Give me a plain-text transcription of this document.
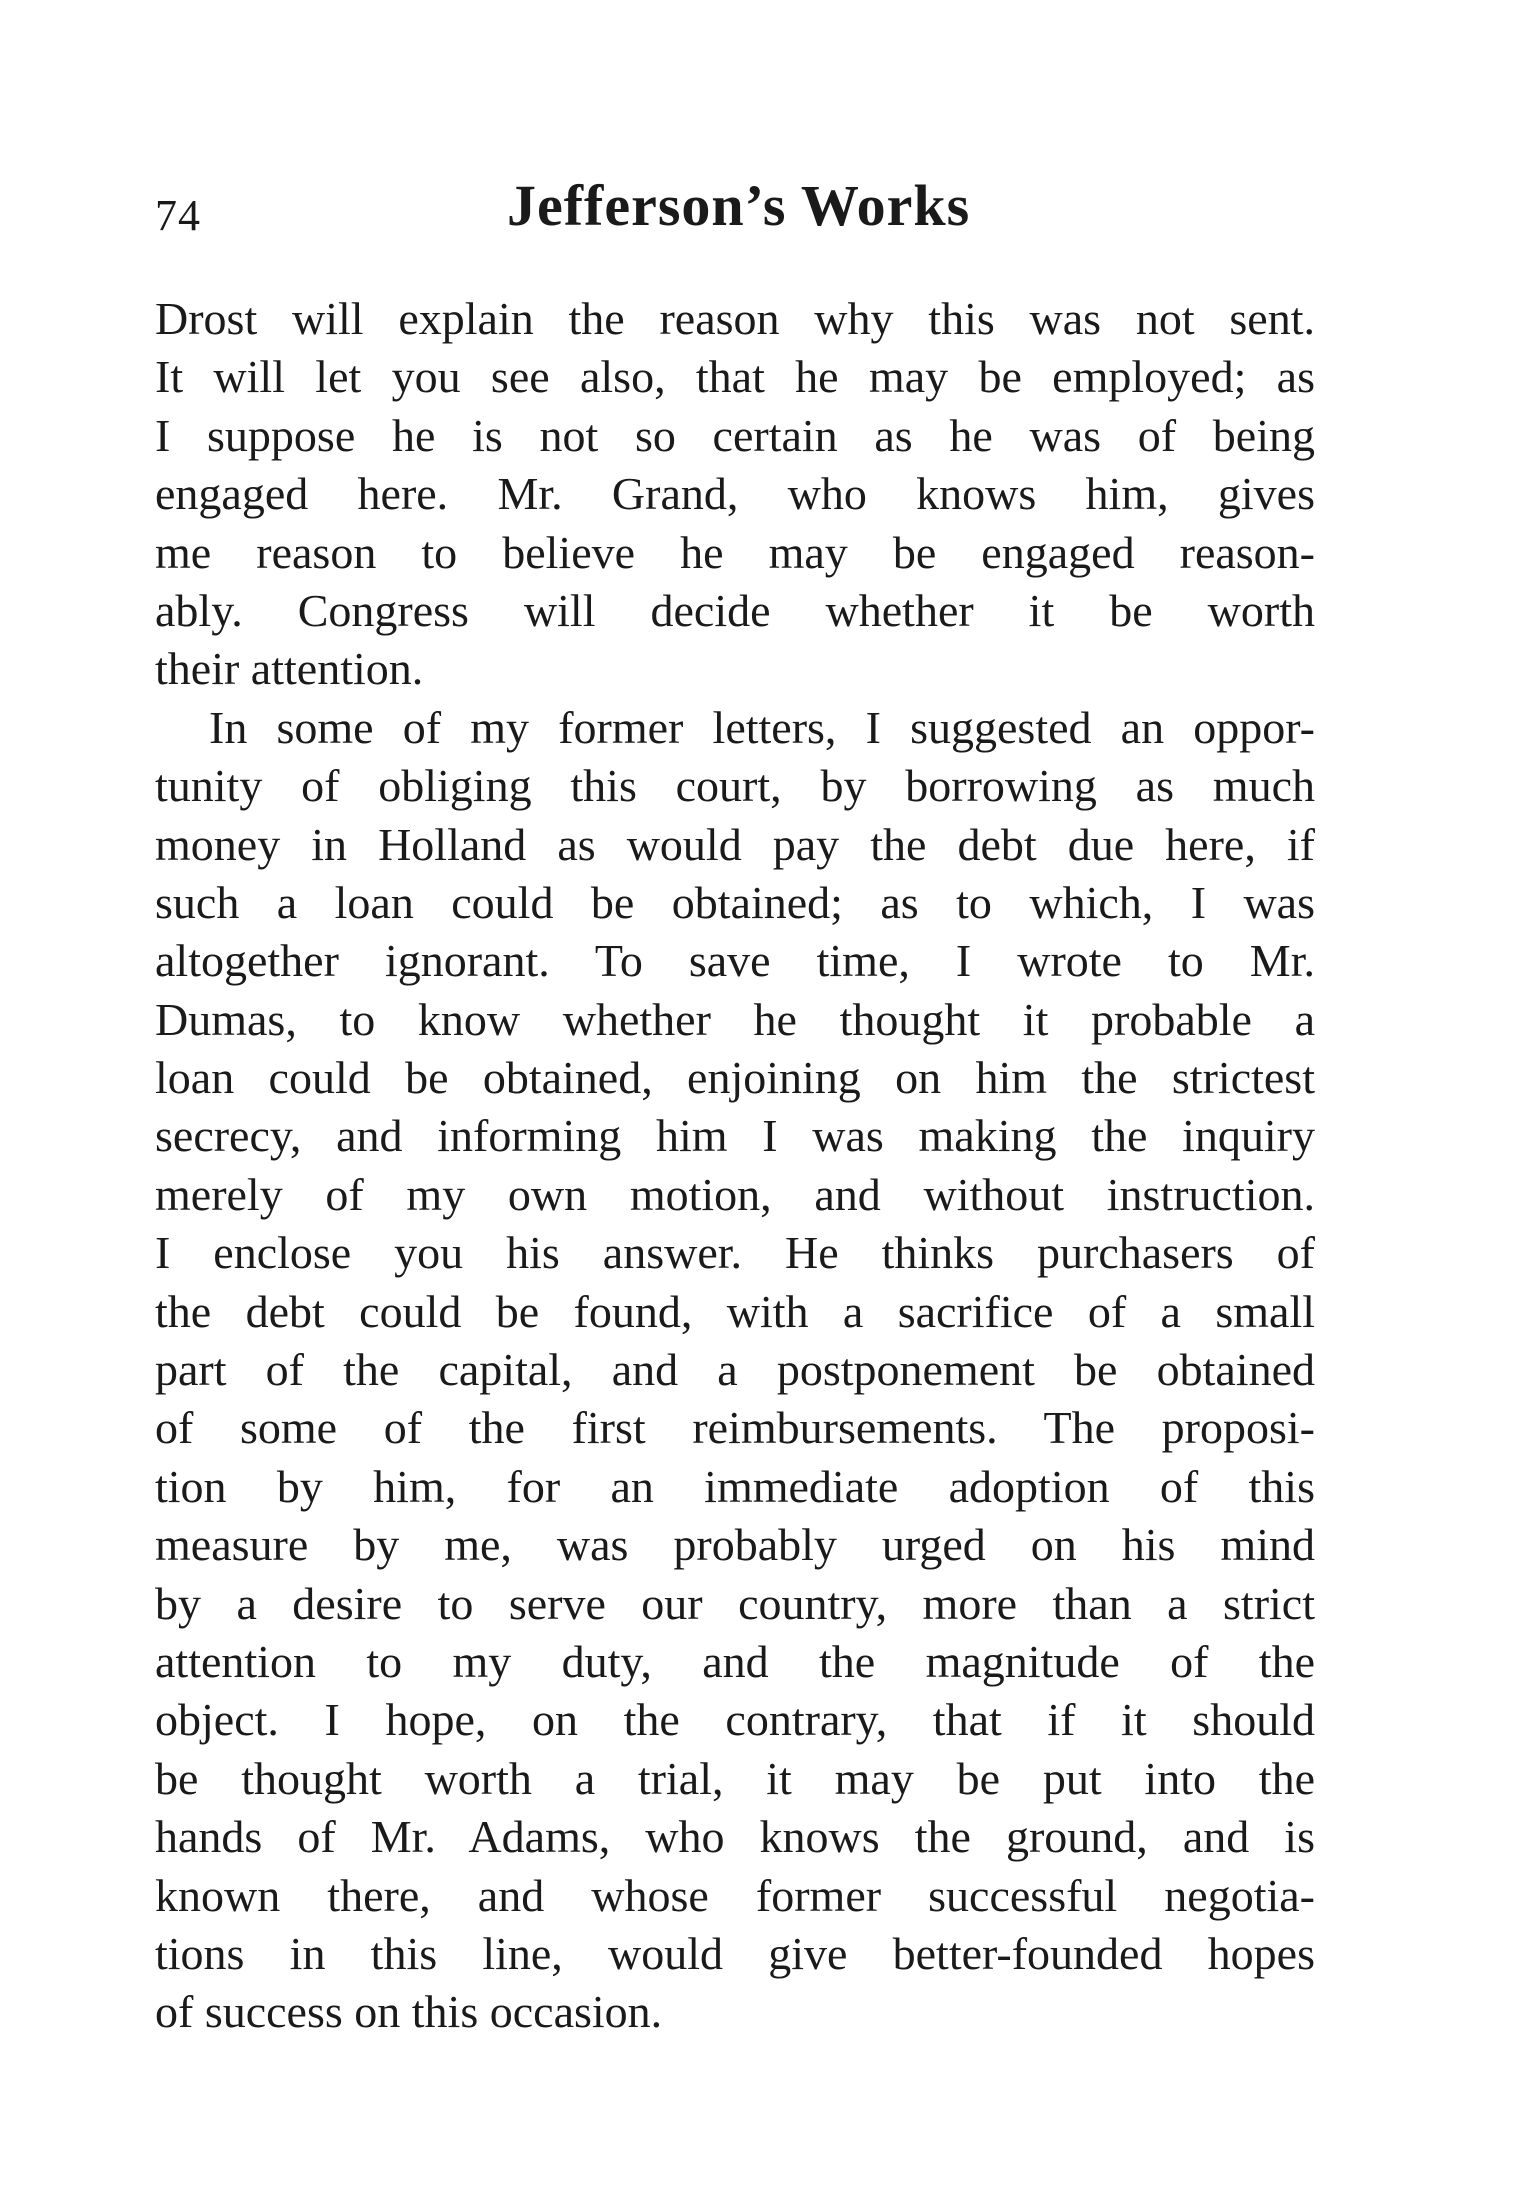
74	Jefferson’s Works
Drost will explain the reason why this was not sent.
It will let you see also, that he may be employed; as
I suppose he is not so certain as he was of being
engaged here. Mr. Grand, who knows him, gives
me reason to believe he may be engaged reason-
ably. Congress will decide whether it be worth
their attention.
In some of my former letters, I suggested an oppor-
tunity of obliging this court, by borrowing as much
money in Holland as would pay the debt due here, if
such a loan could be obtained; as to which, I was
altogether ignorant. To save time, I wrote to Mr.
Dumas, to know whether he thought it probable a
loan could be obtained, enjoining on him the strictest
secrecy, and informing him I was making the inquiry
merely of my own motion, and without instruction.
I enclose you his answer. He thinks purchasers of
the debt could be found, with a sacrifice of a small
part of the capital, and a postponement be obtained
of some of the first reimbursements. The proposi-
tion by him, for an immediate adoption of this
measure by me, was probably urged on his mind
by a desire to serve our country, more than a strict
attention to my duty, and the magnitude of the
object. I hope, on the contrary, that if it should
be thought worth a trial, it may be put into the
hands of Mr. Adams, who knows the ground, and is
known there, and whose former successful negotia-
tions in this line, would give better-founded hopes
of success on this occasion.
